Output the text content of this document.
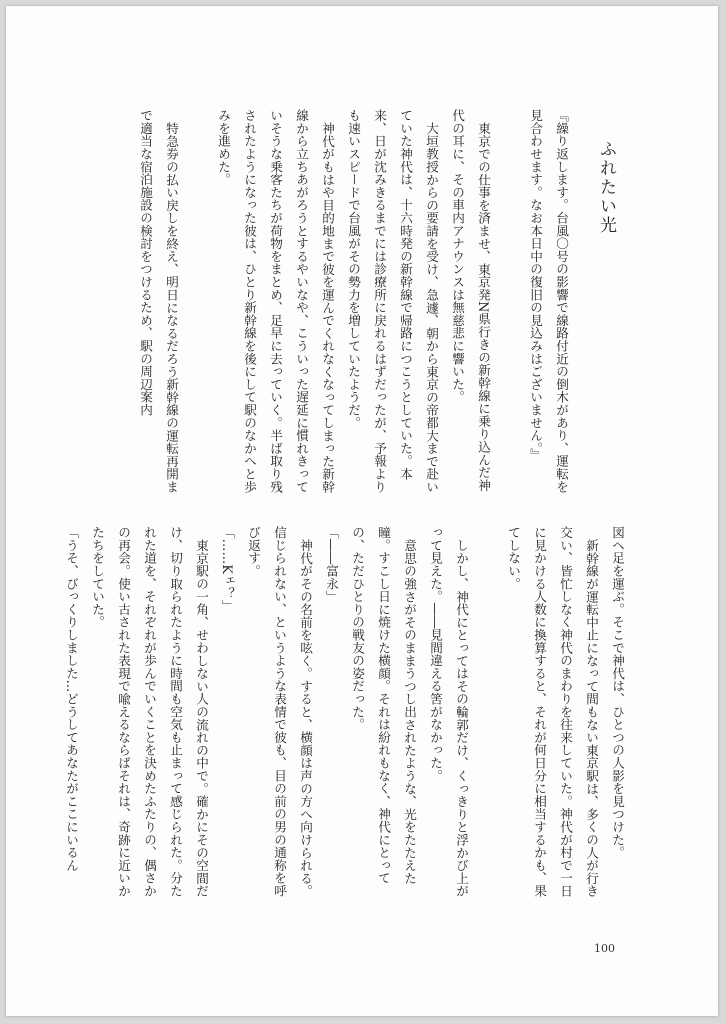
ふれたい光

『繰り返します。台風〇号の影響で線路付近の倒木があり、運転を見合わせます。なお本日中の復旧の見込みはございません。』

東京での仕事を済ませ、東京発N県行きの新幹線に乗り込んだ神代の耳に、その車内アナウンスは無慈悲に響いた。

大垣教授からの要請を受け、急遽、朝から東京の帝都大まで赴いていた神代は、十六時発の新幹線で帰路につこうとしていた。本来、日が沈みきるまでには診療所に戻れるはずだったが、予報よりも速いスピードで台風がその勢力を増していたようだ。

神代がもはや目的地まで彼を運んでくれなくなってしまった新幹線から立ちあがろうとするやいなや、こういった遅延に慣れきっていそうな乗客たちが荷物をまとめ、足早に去っていく。半ば取り残されたようになった彼は、ひとり新幹線を後にして駅のなかへと歩みを進めた。

特急券の払い戻しを終え、明日になるだろう新幹線の運転再開まで適当な宿泊施設の検討をつけるため、駅の周辺案内

図へ足を運ぶ。そこで神代は、ひとつの人影を見つけた。

新幹線が運転中止になって間もない東京駅は、多くの人が行き交い、皆忙しなく神代のまわりを往来していた。神代が村で一日に見かける人数に換算すると、それが何日分に相当するかも、果てしない。

しかし、神代にとってはその輪郭だけ、くっきりと浮かび上がって見えた。――見間違える筈がなかった。

意思の強さがそのままうつし出されたような、光をたたえた瞳。すこし日に焼けた横顔。それは紛れもなく、神代にとっての、ただひとりの戦友の姿だった。

「――富永」

神代がその名前を呟く。すると、横顔は声の方へ向けられる。信じられない、というような表情で彼も、目の前の男の通称を呼び返す。

「……Kェ？」

東京駅の一角、せわしない人の流れの中で。確かにその空間だけ、切り取られたように時間も空気も止まって感じられた。分たれた道を、それぞれが歩んでいくことを決めたふたりの、偶さかの再会。使い古された表現で喩えるならばそれは、奇跡に近いかたちをしていた。

「うそ、びっくりしました…どうしてあなたがここにいるん

100
